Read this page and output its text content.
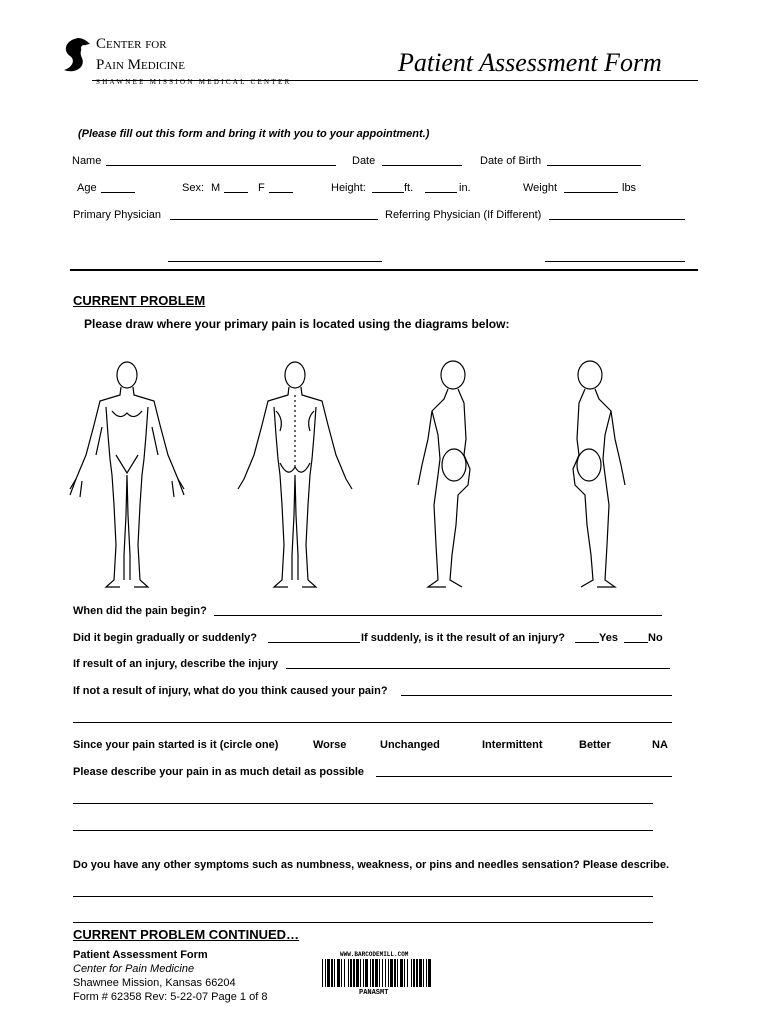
Center for
Pain Medicine
SHAWNEE MISSION MEDICAL CENTER
Patient Assessment Form
(Please fill out this form and bring it with you to your appointment.)
Name	Date	Date of Birth
Age	Sex: M	F	Height:	ft.	in.	Weight	lbs
Primary Physician	Referring Physician (If Different)
CURRENT PROBLEM
Please draw where your primary pain is located using the diagrams below:
When did the pain begin?
Did it begin gradually or suddenly?	If suddenly, is it the result of an injury?	Yes	No
If result of an injury, describe the injury
If not a result of injury, what do you think caused your pain?
Since your pain started is it (circle one)	Worse	Unchanged	Intermittent	Better	NA
Please describe your pain in as much detail as possible
Do you have any other symptoms such as numbness, weakness, or pins and needles sensation? Please describe.
CURRENT PROBLEM CONTINUED…
Patient Assessment Form
Center for Pain Medicine
Shawnee Mission, Kansas 66204
Form # 62358 Rev: 5-22-07 Page 1 of 8
WWW.BARCODEMILL.COM
PANASMT
